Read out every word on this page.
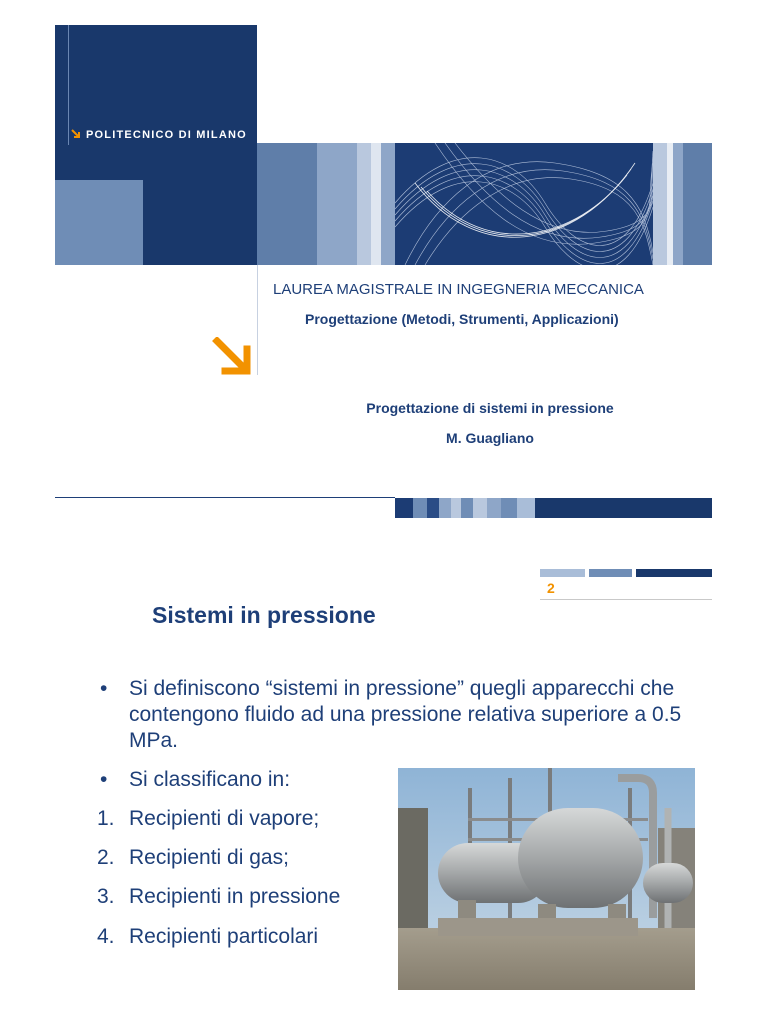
POLITECNICO DI MILANO
LAUREA MAGISTRALE IN INGEGNERIA MECCANICA
Progettazione (Metodi, Strumenti, Applicazioni)
Progettazione di sistemi in pressione
M. Guagliano
2
Sistemi in pressione
• Si definiscono “sistemi in pressione” quegli apparecchi che contengono fluido ad una pressione relativa superiore a 0.5 MPa.
• Si classificano in:
1. Recipienti di vapore;
2. Recipienti di gas;
3. Recipienti in pressione
4. Recipienti particolari
